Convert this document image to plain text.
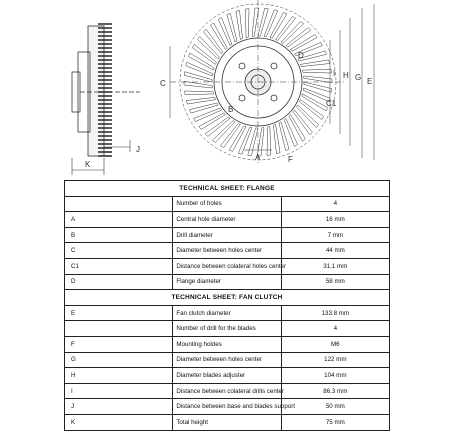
J
K
A
B
C
C1
D
E
G
H
I
F
TECHNICAL SHEET: FLANGE		
	Number of holes	4
A	Central hole diameter	16 mm
B	Drill diameter	7 mm
C	Diameter between holes center	44 mm
C1	Distance between colateral holes center	31.1 mm
D	Flange diameter	58 mm
TECHNICAL SHEET: FAN CLUTCH		
E	Fan clutch diameter	133.8 mm
	Number of drill for the blades	4
F	Mounting holdes	M6
G	Diameter between holes center	122 mm
H	Diameter blades adjuster	104 mm
I	Distance between colateral drills center	86.3 mm
J	Distance between base and blades support	50 mm
K	Total height	75 mm
